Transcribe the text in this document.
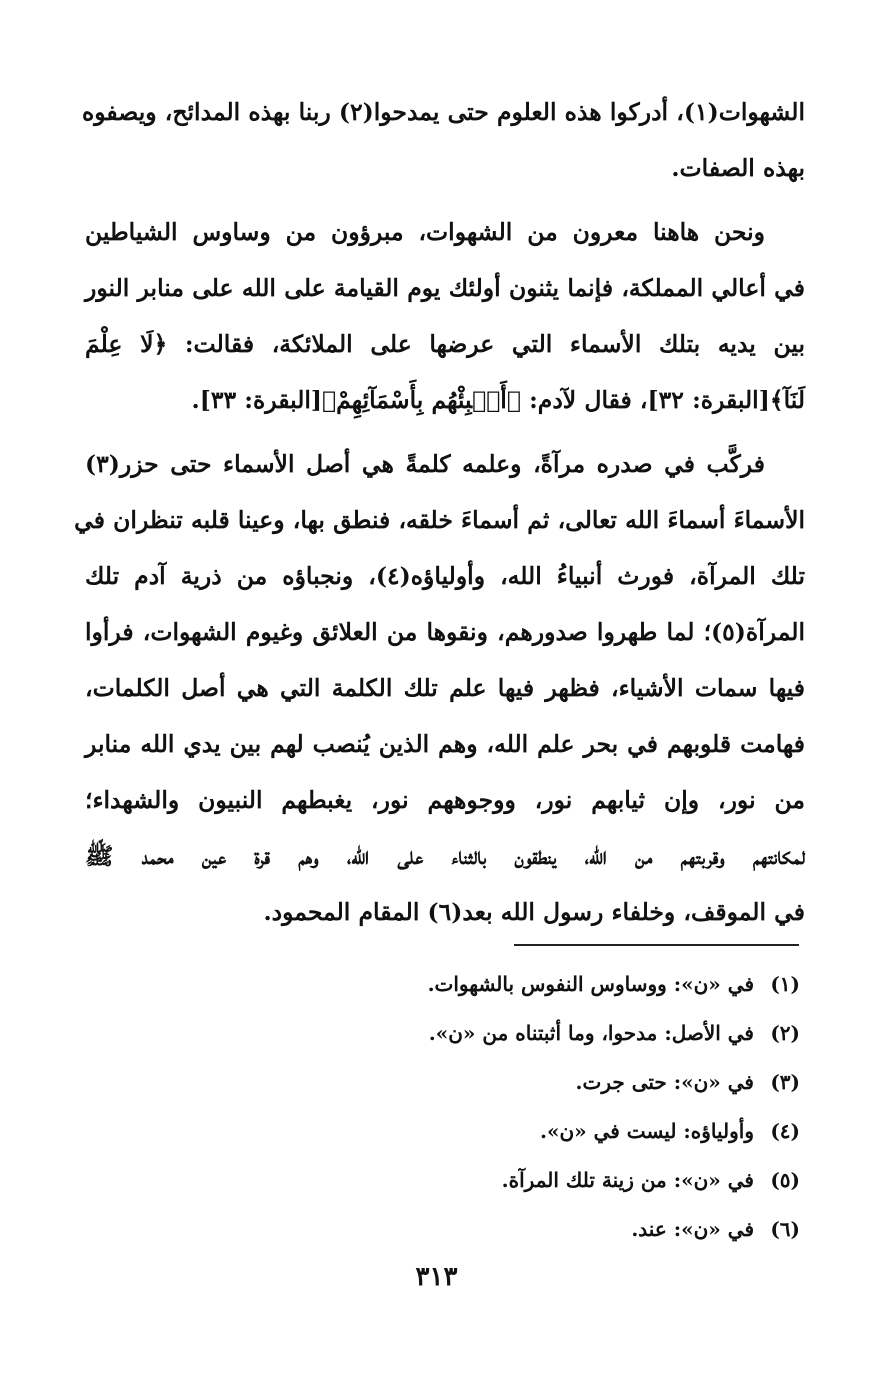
الشهوات(١)، أدركوا هذه العلوم حتى يمدحوا(٢) ربنا بهذه المدائح، ويصفوه
بهذه الصفات.
ونحن هاهنا معرون من الشهوات، مبرؤون من وساوس الشياطين
في أعالي المملكة، فإنما يثنون أولئك يوم القيامة على الله على منابر النور
بين يديه بتلك الأسماء التي عرضها على الملائكة، فقالت: ﴿لَا عِلْمَ
لَنَآ﴾[البقرة: ٣٢]، فقال لآدم: ﴿أَنۢبِئْهُم بِأَسْمَآئِهِمْ﴾[البقرة: ٣٣].
فركَّب في صدره مرآةً، وعلمه كلمةً هي أصل الأسماء حتى حزر(٣)
الأسماءَ أسماءَ الله تعالى، ثم أسماءَ خلقه، فنطق بها، وعينا قلبه تنظران في
تلك المرآة، فورث أنبياءُ الله، وأولياؤه(٤)، ونجباؤه من ذرية آدم تلك
المرآة(٥)؛ لما طهروا صدورهم، ونقوها من العلائق وغيوم الشهوات، فرأوا
فيها سمات الأشياء، فظهر فيها علم تلك الكلمة التي هي أصل الكلمات،
فهامت قلوبهم في بحر علم الله، وهم الذين يُنصب لهم بين يدي الله منابر
من نور، وإن ثيابهم نور، ووجوههم نور، يغبطهم النبيون والشهداء؛
لمكانتهم وقربتهم من الله، ينطقون بالثناء على الله، وهم قرة عين محمد ﷺ
في الموقف، وخلفاء رسول الله بعد(٦) المقام المحمود.
(١)في «ن»: ووساوس النفوس بالشهوات.
(٢)في الأصل: مدحوا، وما أثبتناه من «ن».
(٣)في «ن»: حتى جرت.
(٤)وأولياؤه: ليست في «ن».
(٥)في «ن»: من زينة تلك المرآة.
(٦)في «ن»: عند.
٣١٣
